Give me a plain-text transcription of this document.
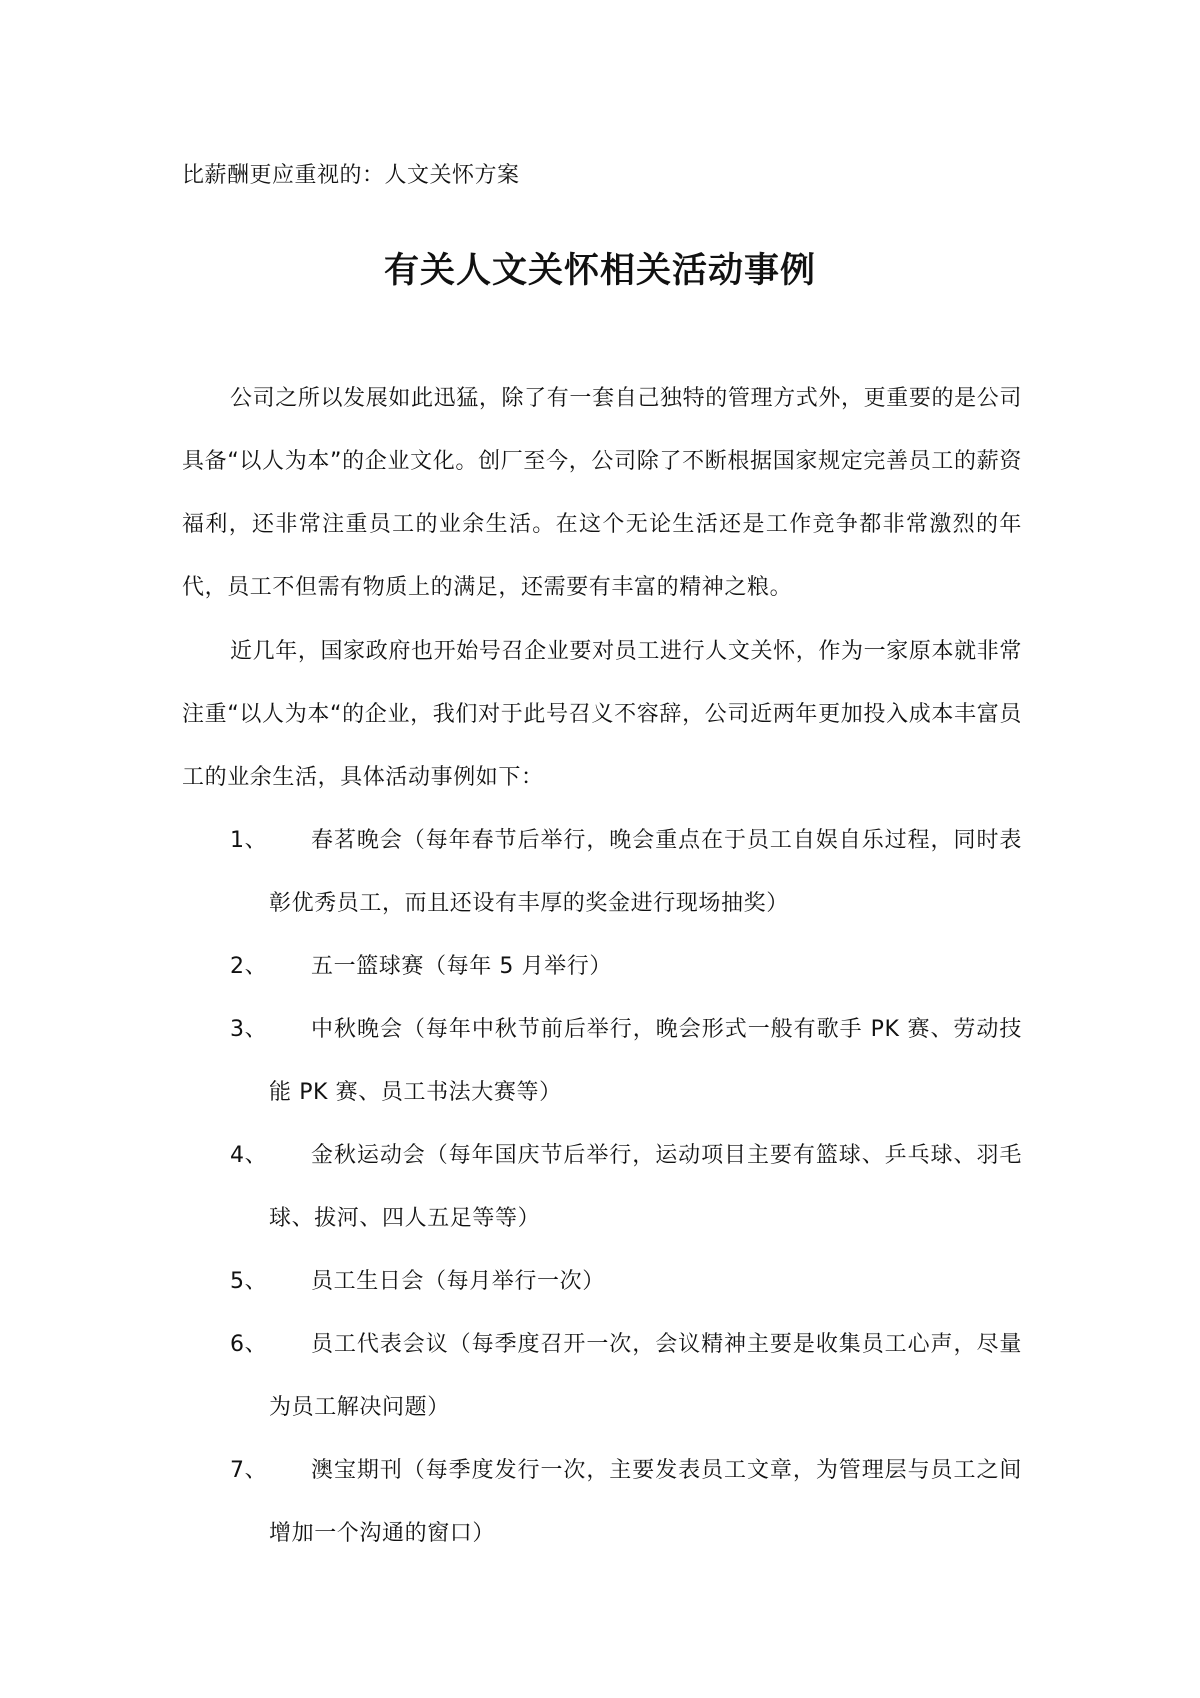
比薪酬更应重视的：人文关怀方案
有关人文关怀相关活动事例

公司之所以发展如此迅猛，除了有一套自己独特的管理方式外，更重要的是公司具备“以人为本”的企业文化。创厂至今，公司除了不断根据国家规定完善员工的薪资福利，还非常注重员工的业余生活。在这个无论生活还是工作竞争都非常激烈的年代，员工不但需有物质上的满足，还需要有丰富的精神之粮。

近几年，国家政府也开始号召企业要对员工进行人文关怀，作为一家原本就非常注重“以人为本“的企业，我们对于此号召义不容辞，公司近两年更加投入成本丰富员工的业余生活，具体活动事例如下：

1、	春茗晚会（每年春节后举行，晚会重点在于员工自娱自乐过程，同时表彰优秀员工，而且还设有丰厚的奖金进行现场抽奖）
2、	五一篮球赛（每年 5 月举行）
3、	中秋晚会（每年中秋节前后举行，晚会形式一般有歌手 PK 赛、劳动技能 PK 赛、员工书法大赛等）
4、	金秋运动会（每年国庆节后举行，运动项目主要有篮球、乒乓球、羽毛球、拔河、四人五足等等）
5、	员工生日会（每月举行一次）
6、	员工代表会议（每季度召开一次，会议精神主要是收集员工心声，尽量为员工解决问题）
7、	澳宝期刊（每季度发行一次，主要发表员工文章，为管理层与员工之间增加一个沟通的窗口）
